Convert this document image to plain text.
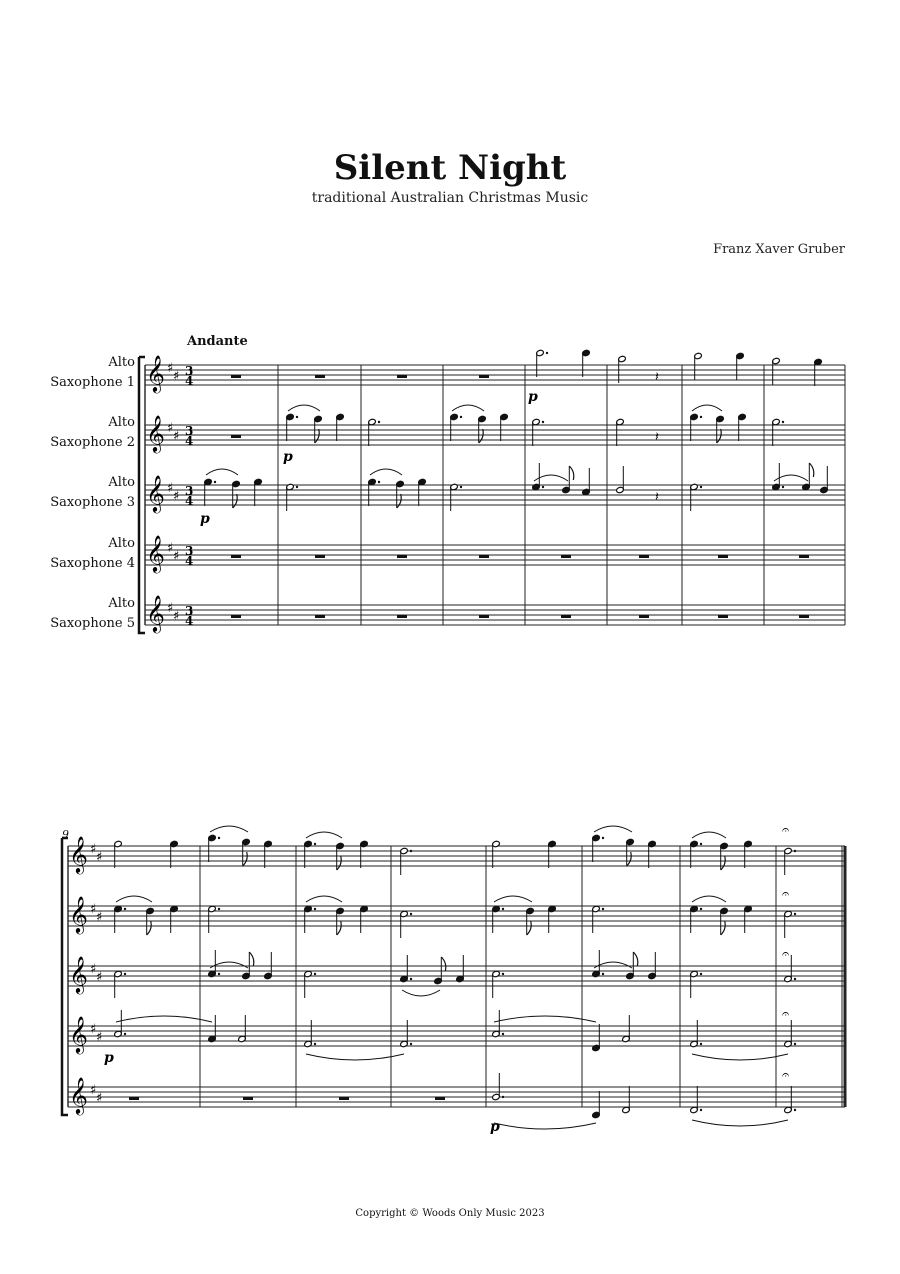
Silent Night
traditional Australian Christmas Music
Franz Xaver Gruber
Andante
Alto
Saxophone 1
Alto
Saxophone 2
Alto
Saxophone 3
Alto
Saxophone 4
Alto
Saxophone 5
9
𝄞 ♯
♯ 3
4
𝄞 ♯
♯ 3
4
𝄞 ♯
♯ 3
4
𝄞 ♯
♯ 3
4
𝄞 ♯
♯ 3
4
𝄽
p
𝄽
p
𝄽
p
𝄞 ♯
♯
𝄞 ♯
♯
𝄞 ♯
♯
𝄞 ♯
♯
𝄞 ♯
♯
𝄐
𝄐
𝄐
𝄐
p
𝄐
p
Copyright © Woods Only Music 2023
